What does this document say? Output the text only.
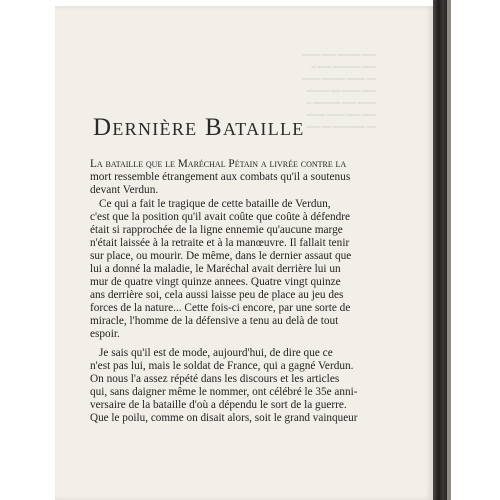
═══ ═════ ═══ ════
═══ ══════ ═══ ═
══ ════ ═════ ════
═══ ════ ══ ═════
════ ═══ ══════ ═
═══ ═══ ════ ════
══ ═══════ ══ ═══
Dernière Bataille
La bataille que le Maréchal Pétain a livrée contre la
mort ressemble étrangement aux combats qu'il a soutenus
devant Verdun.
Ce qui a fait le tragique de cette bataille de Verdun,
c'est que la position qu'il avait coûte que coûte à défendre
était si rapprochée de la ligne ennemie qu'aucune marge
n'était laissée à la retraite et à la manœuvre. Il fallait tenir
sur place, ou mourir. De même, dans le dernier assaut que
lui a donné la maladie, le Maréchal avait derrière lui un
mur de quatre vingt quinze annees. Quatre vingt quinze
ans derrière soi, cela aussi laisse peu de place au jeu des
forces de la nature... Cette fois-ci encore, par une sorte de
miracle, l'homme de la défensive a tenu au delà de tout
espoir.
Je sais qu'il est de mode, aujourd'hui, de dire que ce
n'est pas lui, mais le soldat de France, qui a gagné Verdun.
On nous l'a assez répété dans les discours et les articles
qui, sans daigner même le nommer, ont célébré le 35e anni-
versaire de la bataille d'où a dépendu le sort de la guerre.
Que le poilu, comme on disait alors, soit le grand vainqueur
